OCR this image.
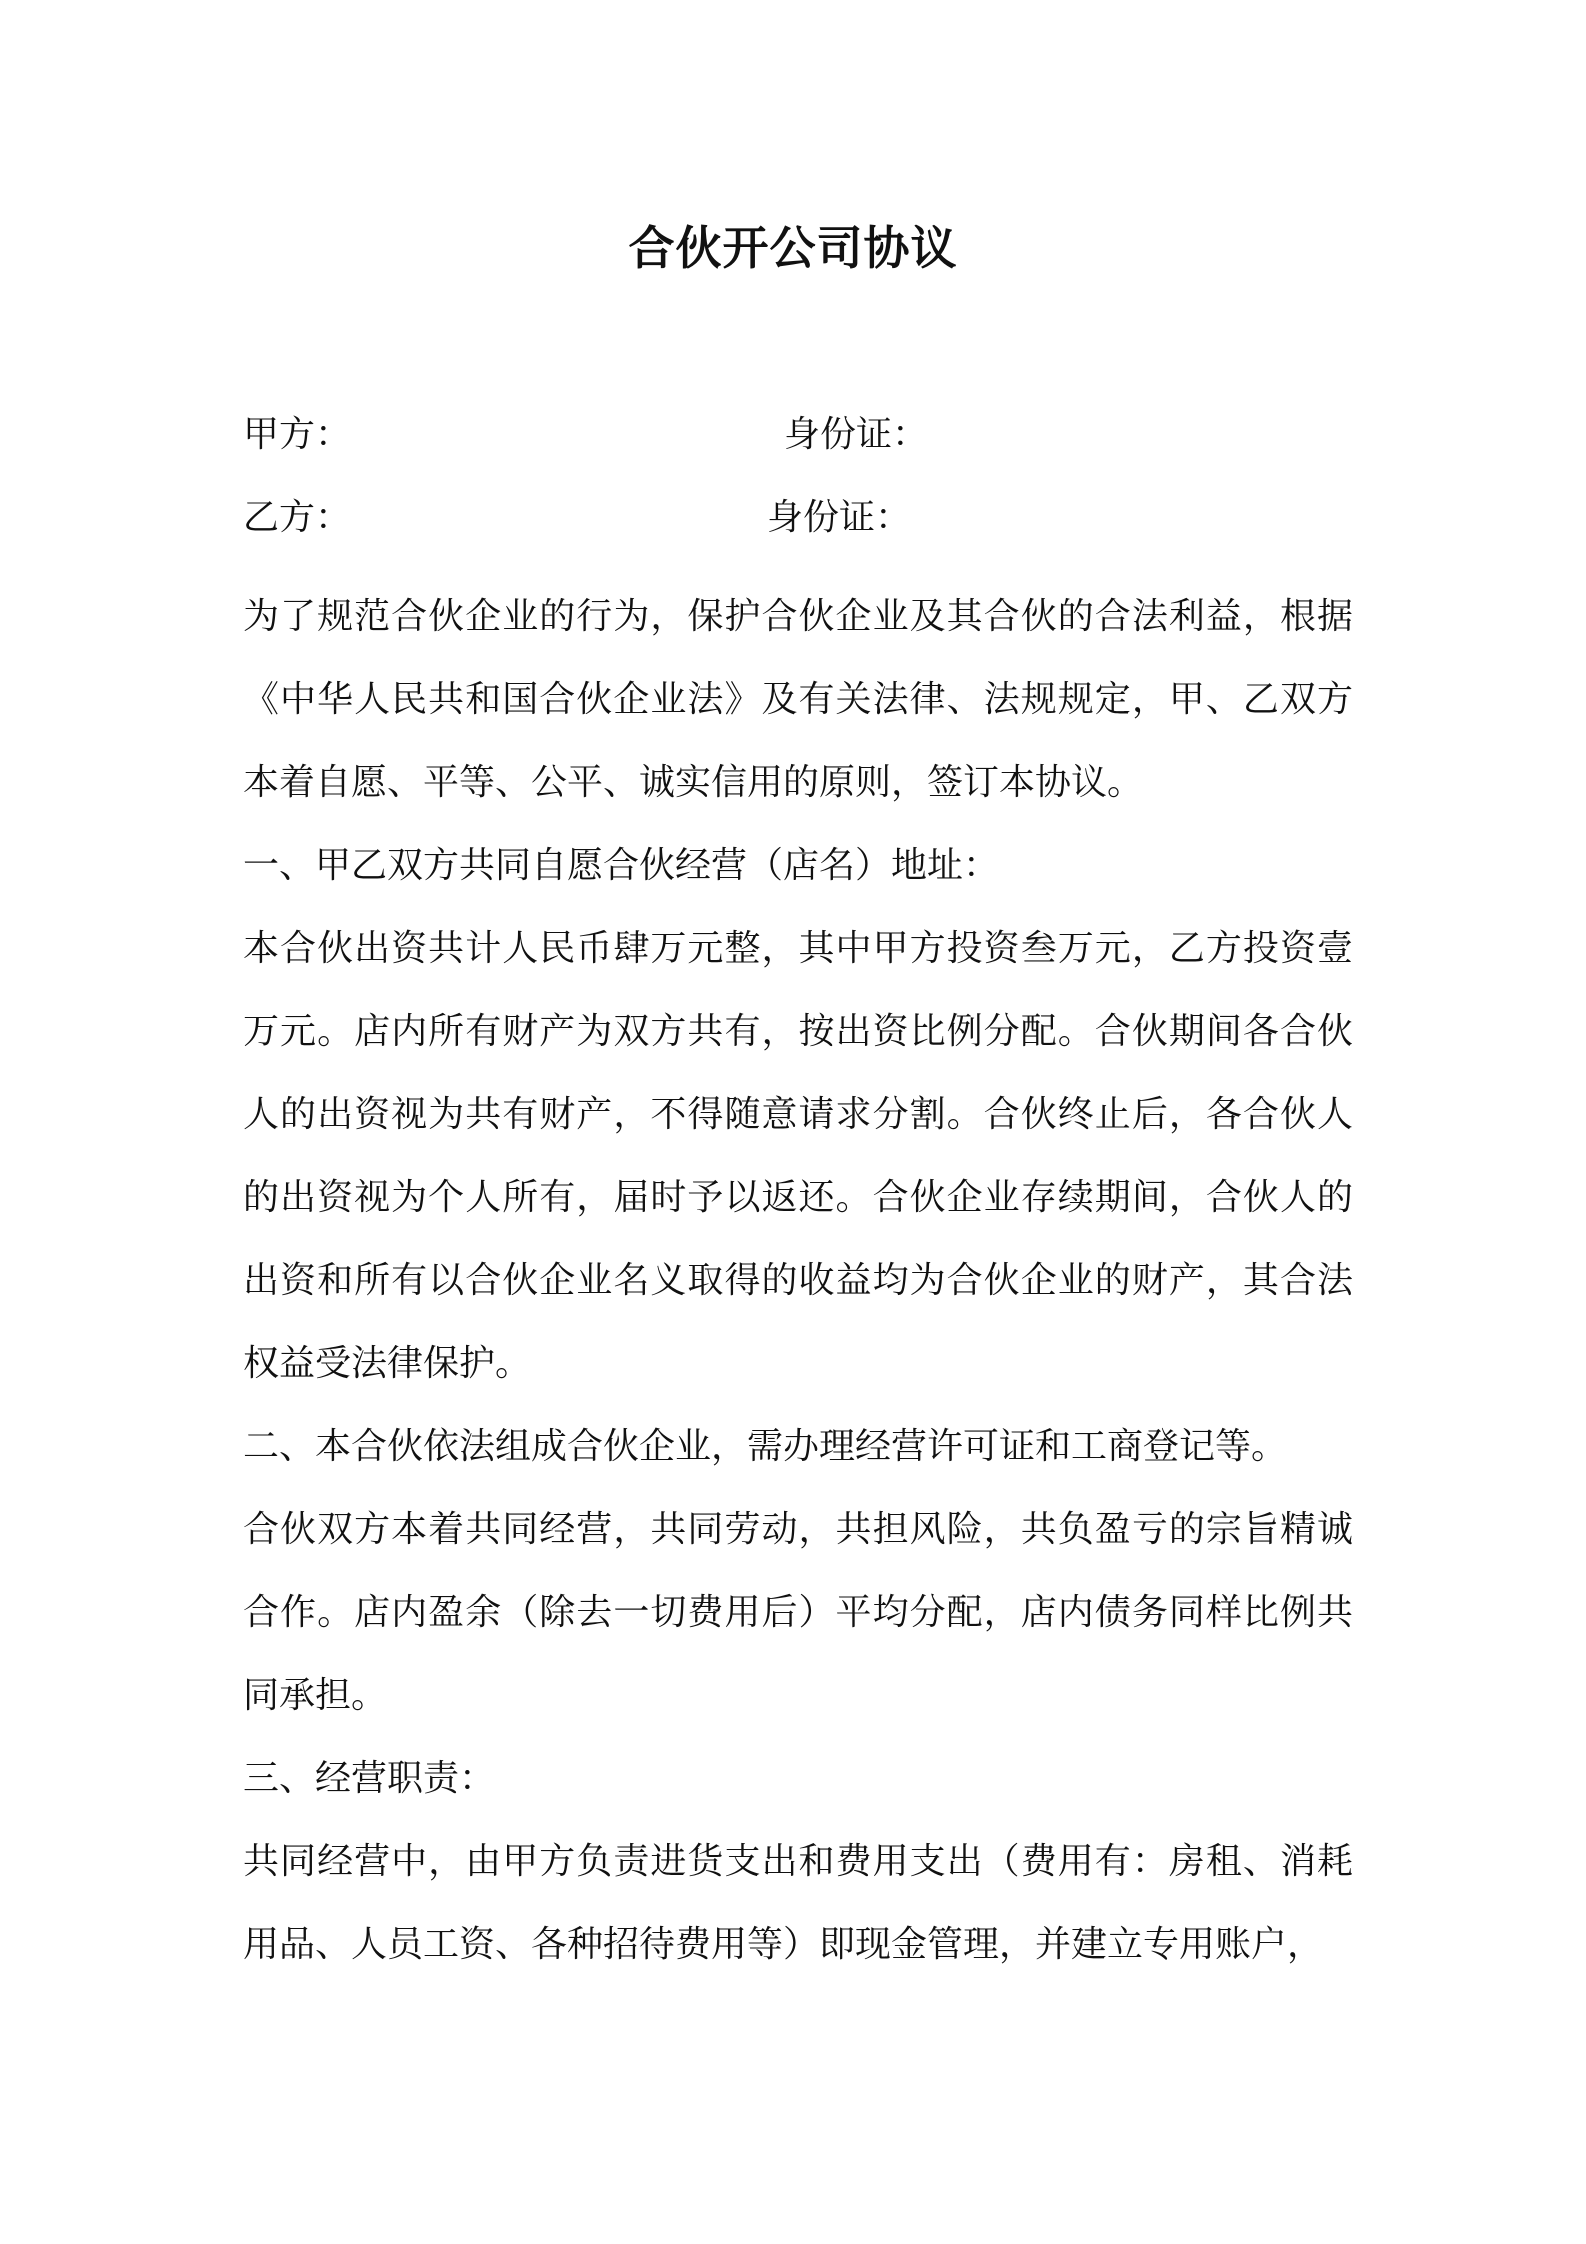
合伙开公司协议
甲方：	身份证：
乙方：	身份证：

为了规范合伙企业的行为，保护合伙企业及其合伙的合法利益，根据《中华人民共和国合伙企业法》及有关法律、法规规定，甲、乙双方本着自愿、平等、公平、诚实信用的原则，签订本协议。

一、甲乙双方共同自愿合伙经营（店名）地址：

本合伙出资共计人民币肆万元整，其中甲方投资叁万元，乙方投资壹万元。店内所有财产为双方共有，按出资比例分配。合伙期间各合伙人的出资视为共有财产，不得随意请求分割。合伙终止后，各合伙人的出资视为个人所有，届时予以返还。合伙企业存续期间，合伙人的出资和所有以合伙企业名义取得的收益均为合伙企业的财产，其合法权益受法律保护。

二、本合伙依法组成合伙企业，需办理经营许可证和工商登记等。

合伙双方本着共同经营，共同劳动，共担风险，共负盈亏的宗旨精诚合作。店内盈余（除去一切费用后）平均分配，店内债务同样比例共同承担。

三、经营职责：

共同经营中，由甲方负责进货支出和费用支出（费用有：房租、消耗用品、人员工资、各种招待费用等）即现金管理，并建立专用账户，
